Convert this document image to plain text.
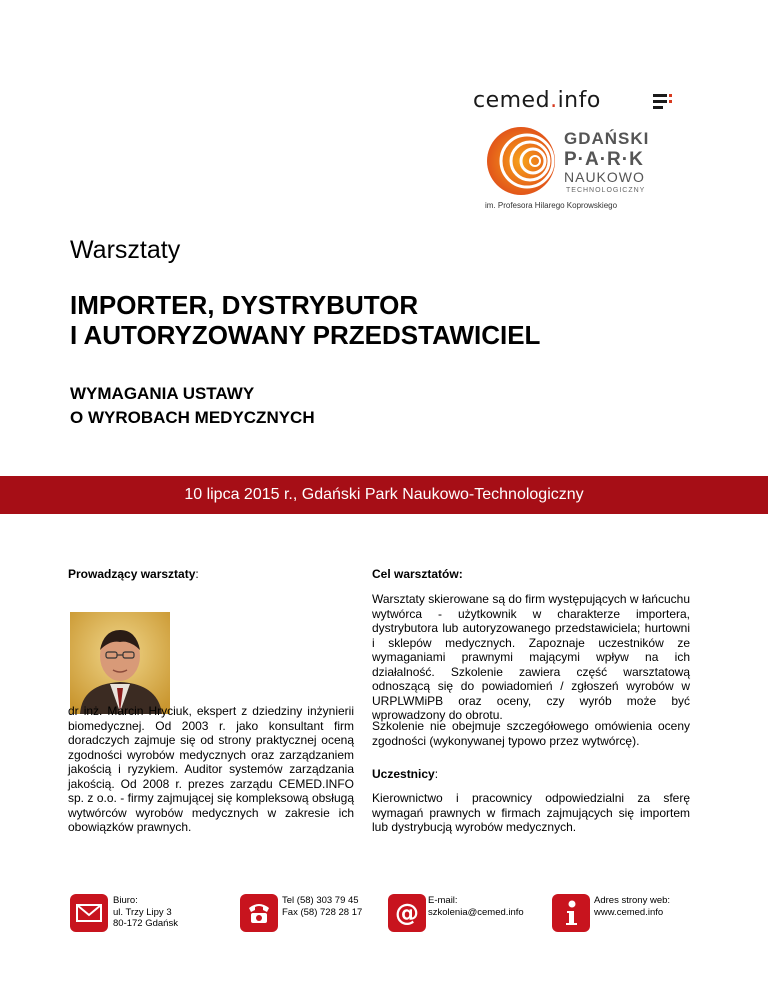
cemed.info
GDAŃSKI
P·A·R·K
NAUKOWO
TECHNOLOGICZNY
im. Profesora Hilarego Koprowskiego
Warsztaty
IMPORTER, DYSTRYBUTOR
I AUTORYZOWANY PRZEDSTAWICIEL
WYMAGANIA USTAWY
O WYROBACH MEDYCZNYCH
10 lipca 2015 r., Gdański Park Naukowo-Technologiczny
Prowadzący warsztaty:
dr inż. Marcin Hryciuk, ekspert z dziedziny inżynierii biomedycznej. Od 2003 r. jako konsultant firm doradczych zajmuje się od strony praktycznej oceną zgodności wyrobów medycznych oraz zarządzaniem jakością i ryzykiem. Auditor systemów zarządzania jakością. Od 2008 r. prezes zarządu CEMED.INFO sp. z o.o. - firmy zajmującej się kompleksową obsługą wytwórców wyrobów medycznych w zakresie ich obowiązków prawnych.
Cel warsztatów:
Warsztaty skierowane są do firm występujących w łańcuchu wytwórca - użytkownik w charakterze importera, dystrybutora lub autoryzowanego przedstawiciela; hurtowni i sklepów medycznych. Zapoznaje uczestników ze wymaganiami prawnymi mającymi wpływ na ich działalność. Szkolenie zawiera część warsztatową odnoszącą się do powiadomień / zgłoszeń wyrobów w URPLWMiPB oraz oceny, czy wyrób może być wprowadzony do obrotu.
Szkolenie nie obejmuje szczegółowego omówienia oceny zgodności (wykonywanej typowo przez wytwórcę).
Uczestnicy:
Kierownictwo i pracownicy odpowiedzialni za sferę wymagań prawnych w firmach zajmujących się importem lub dystrybucją wyrobów medycznych.
Biuro:
ul. Trzy Lipy 3
80-172 Gdańsk
Tel (58) 303 79 45
Fax (58) 728 28 17 @ E-mail:
szkolenia@cemed.info
Adres strony web:
www.cemed.info
